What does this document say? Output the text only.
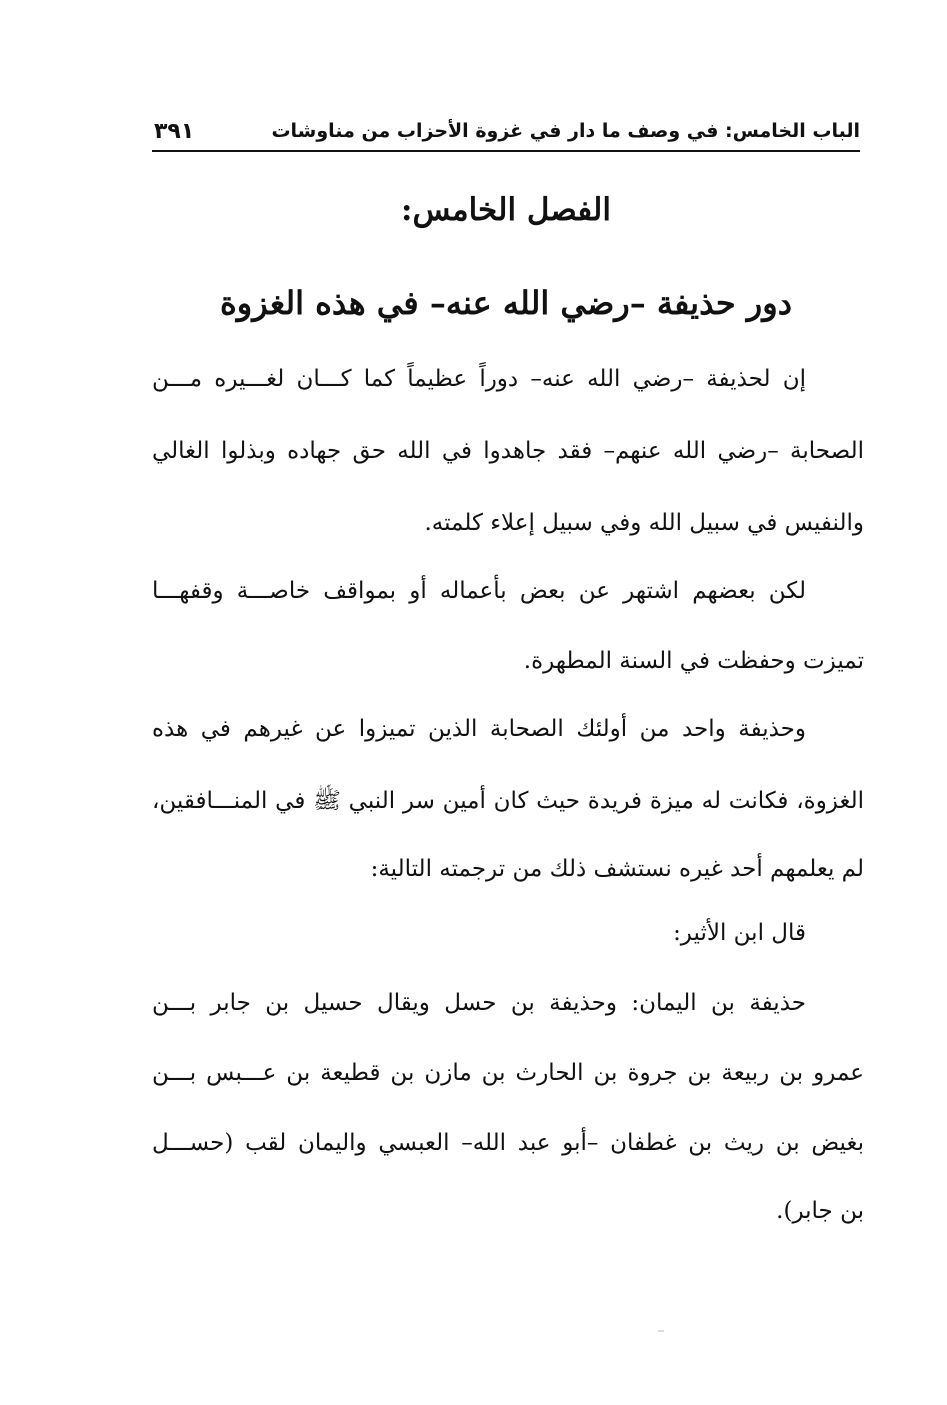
الباب الخامس: في وصف ما دار في غزوة الأحزاب من مناوشات
٣٩١
الفصل الخامس:
دور حذيفة –رضي الله عنه– في هذه الغزوة
إن لحذيفة –رضي الله عنه– دوراً عظيماً كما كـــان لغـــيره مـــن
الصحابة –رضي الله عنهم– فقد جاهدوا في الله حق جهاده وبذلوا الغالي
والنفيس في سبيل الله وفي سبيل إعلاء كلمته.
لكن بعضهم اشتهر عن بعض بأعماله أو بمواقف خاصـــة وقفهـــا
تميزت وحفظت في السنة المطهرة.
وحذيفة واحد من أولئك الصحابة الذين تميزوا عن غيرهم في هذه
الغزوة، فكانت له ميزة فريدة حيث كان أمين سر النبي ﷺ في المنـــافقين،
لم يعلمهم أحد غيره نستشف ذلك من ترجمته التالية:
قال ابن الأثير:
حذيفة بن اليمان: وحذيفة بن حسل ويقال حسيل بن جابر بـــن
عمرو بن ربيعة بن جروة بن الحارث بن مازن بن قطيعة بن عـــبس بـــن
بغيض بن ريث بن غطفان –أبو عبد الله– العبسي واليمان لقب (حســـل
بن جابر).
